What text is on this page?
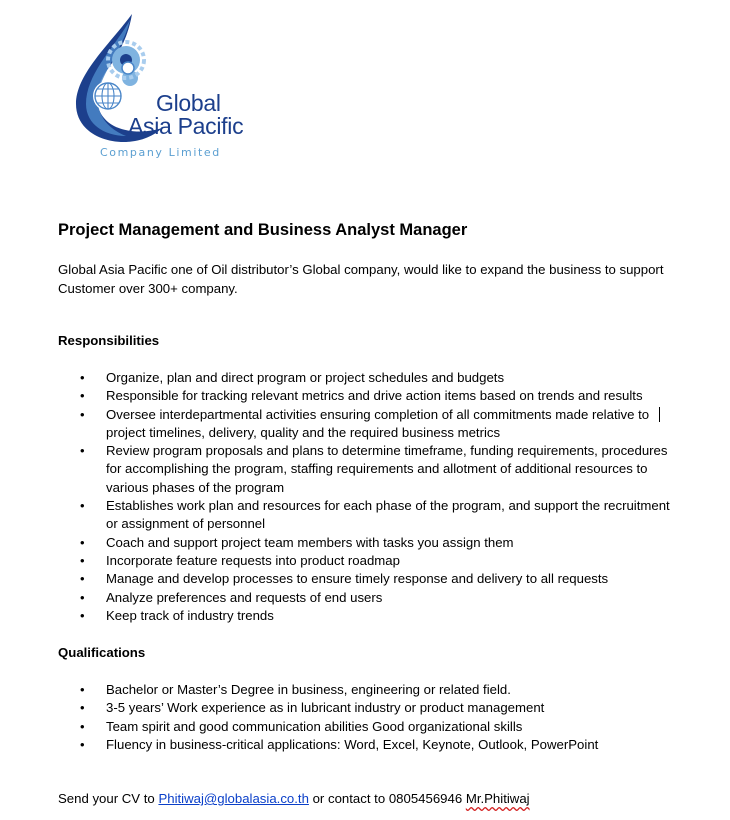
Global
Asia Pacific
Company Limited
Project Management and Business Analyst Manager

Global Asia Pacific one of Oil distributor’s Global company, would like to expand the business to support Customer over 300+ company.

Responsibilities

• Organize, plan and direct program or project schedules and budgets
• Responsible for tracking relevant metrics and drive action items based on trends and results
• Oversee interdepartmental activities ensuring completion of all commitments made relative to project timelines, delivery, quality and the required business metrics
• Review program proposals and plans to determine timeframe, funding requirements, procedures for accomplishing the program, staffing requirements and allotment of additional resources to various phases of the program
• Establishes work plan and resources for each phase of the program, and support the recruitment or assignment of personnel
• Coach and support project team members with tasks you assign them
• Incorporate feature requests into product roadmap
• Manage and develop processes to ensure timely response and delivery to all requests
• Analyze preferences and requests of end users
• Keep track of industry trends

Qualifications

• Bachelor or Master’s Degree in business, engineering or related field.
• 3-5 years’ Work experience as in lubricant industry or product management
• Team spirit and good communication abilities Good organizational skills
• Fluency in business-critical applications: Word, Excel, Keynote, Outlook, PowerPoint

Send your CV to Phitiwaj@globalasia.co.th or contact to 0805456946 Mr.Phitiwaj
